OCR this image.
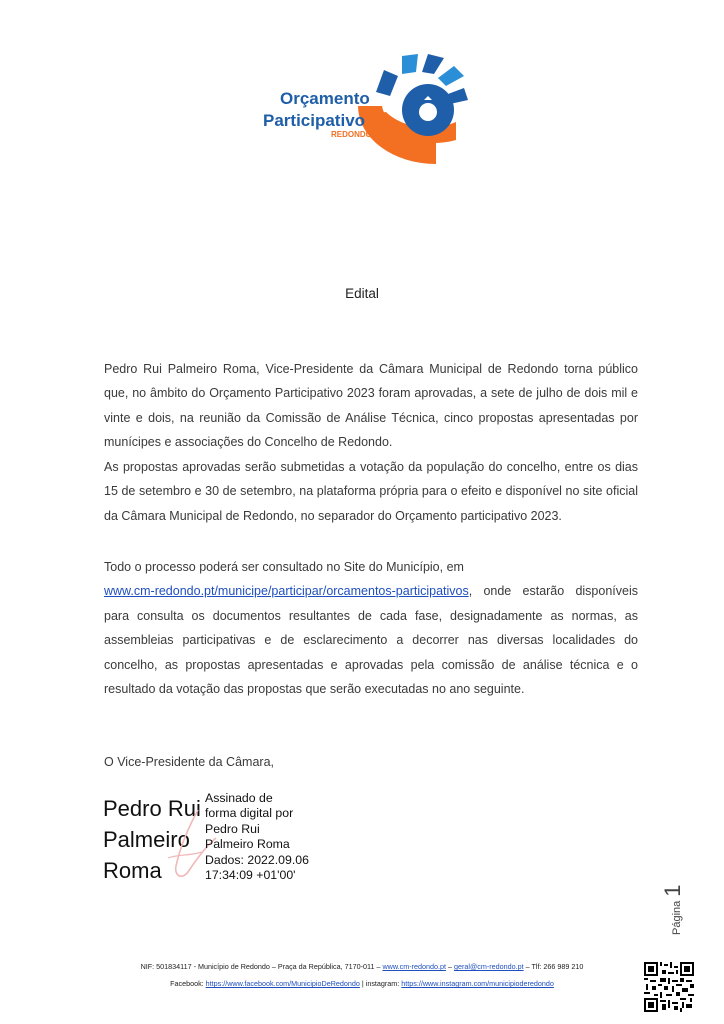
Orçamento
Participativo
REDONDO
Edital
Pedro Rui Palmeiro Roma, Vice-Presidente da Câmara Municipal de Redondo torna público que, no âmbito do Orçamento Participativo 2023 foram aprovadas, a sete de julho de dois mil e vinte e dois, na reunião da Comissão de Análise Técnica, cinco propostas apresentadas por munícipes e associações do Concelho de Redondo.
As propostas aprovadas serão submetidas a votação da população do concelho, entre os dias 15 de setembro e 30 de setembro, na plataforma própria para o efeito e disponível no site oficial da Câmara Municipal de Redondo, no separador do Orçamento participativo 2023.
Todo o processo poderá ser consultado no Site do Município, em
www.cm-redondo.pt/municipe/participar/orcamentos-participativos, onde estarão disponíveis para consulta os documentos resultantes de cada fase, designadamente as normas, as assembleias participativas e de esclarecimento a decorrer nas diversas localidades do concelho, as propostas apresentadas e aprovadas pela comissão de análise técnica e o resultado da votação das propostas que serão executadas no ano seguinte.
O Vice-Presidente da Câmara,
Pedro Rui
Palmeiro
Roma
Assinado de
forma digital por
Pedro Rui
Palmeiro Roma
Dados: 2022.09.06
17:34:09 +01'00'
Página
1
NIF: 501834117 - Município de Redondo – Praça da República, 7170-011 – www.cm-redondo.pt – geral@cm-redondo.pt – Tlf: 266 989 210
Facebook: https://www.facebook.com/MunicipioDeRedondo | instagram: https://www.instagram.com/municipioderedondo
